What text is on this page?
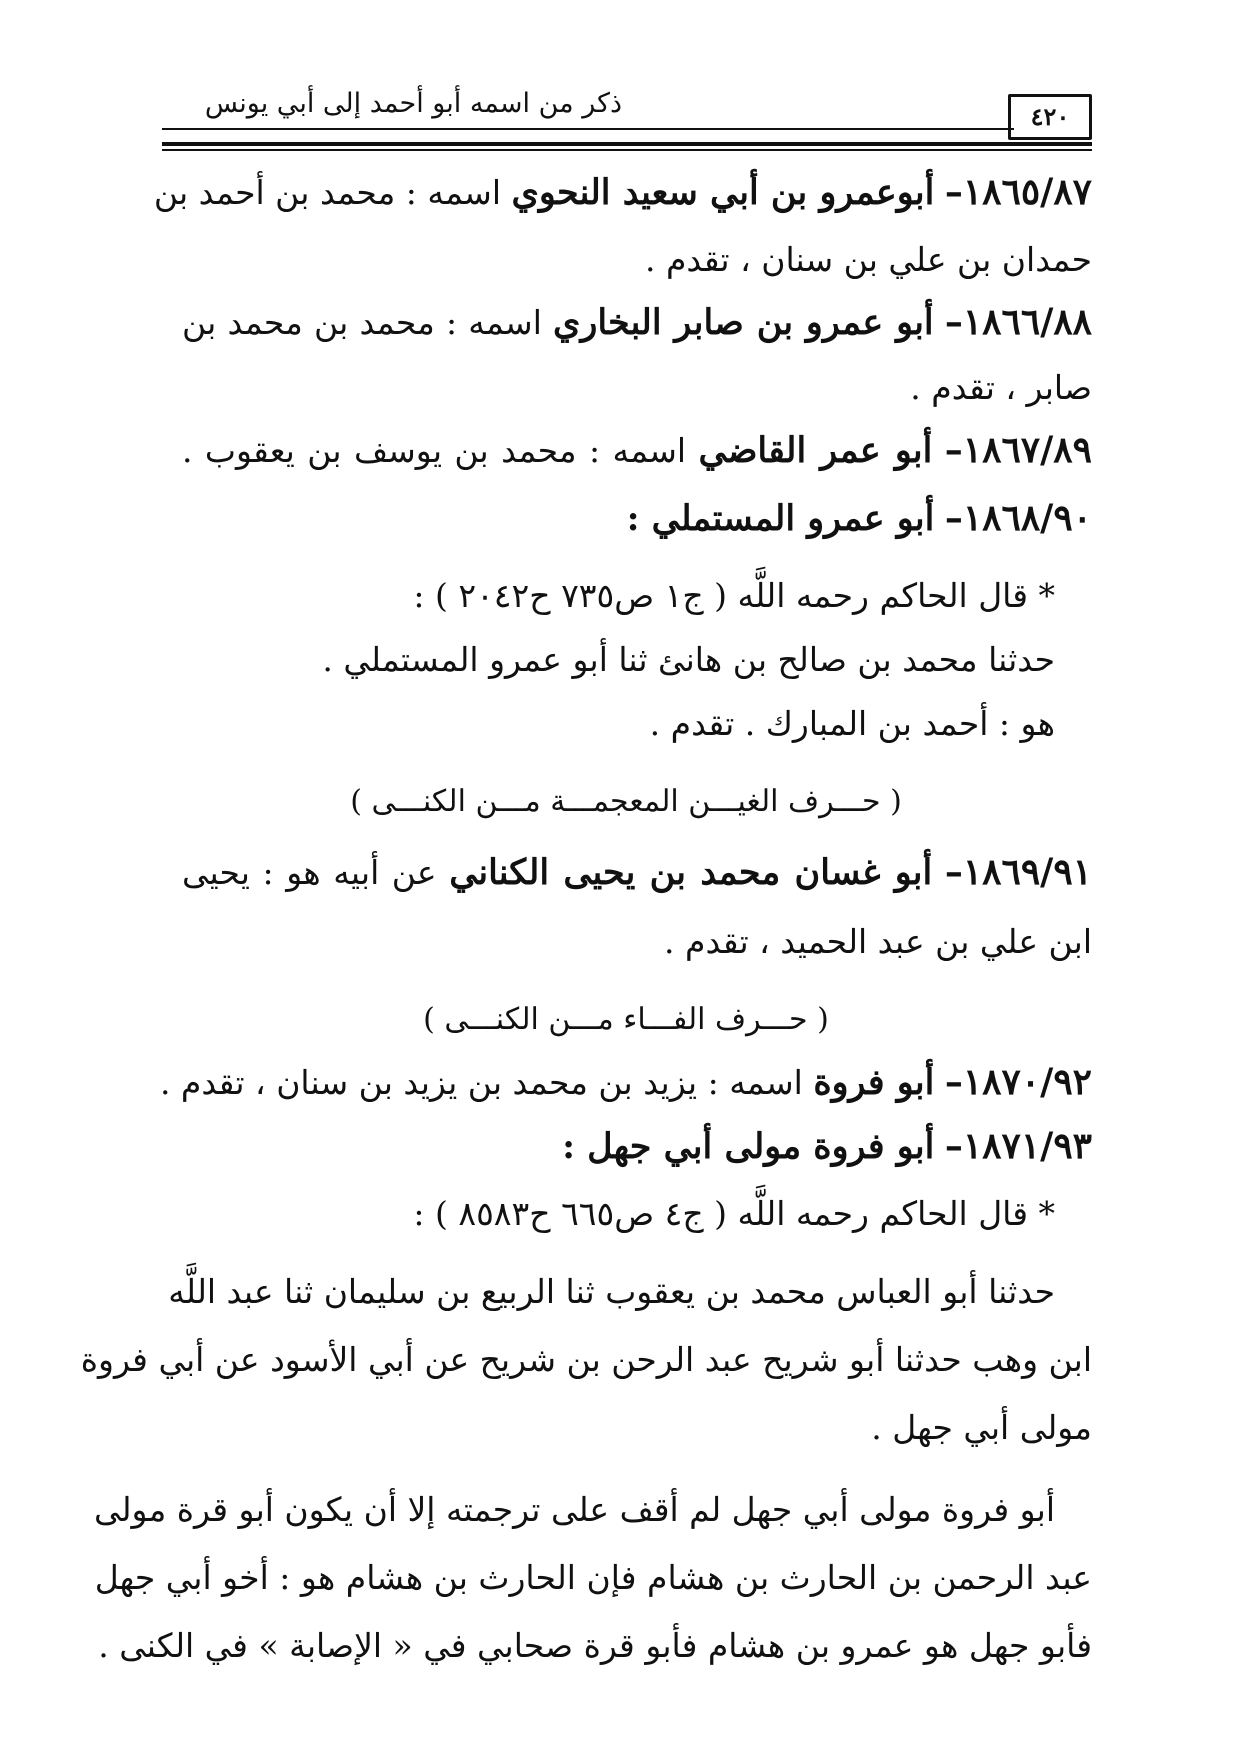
٤٢٠
ذكر من اسمه أبو أحمد إلى أبي يونس
١٨٦٥/٨٧– أبوعمرو بن أبي سعيد النحوي اسمه : محمد بن أحمد بن
حمدان بن علي بن سنان ، تقدم .
١٨٦٦/٨٨– أبو عمرو بن صابر البخاري اسمه : محمد بن محمد بن
صابر ، تقدم .
١٨٦٧/٨٩– أبو عمر القاضي اسمه : محمد بن يوسف بن يعقوب .
١٨٦٨/٩٠– أبو عمرو المستملي :
* قال الحاكم رحمه اللَّه ( ج١ ص٧٣٥ ح٢٠٤٢ ) :
حدثنا محمد بن صالح بن هانئ ثنا أبو عمرو المستملي .
هو : أحمد بن المبارك . تقدم .
( حـــرف الغيـــن المعجمـــة مـــن الكنـــى )
١٨٦٩/٩١– أبو غسان محمد بن يحيى الكناني عن أبيه هو : يحيى
ابن علي بن عبد الحميد ، تقدم .
( حـــرف الفـــاء مـــن الكنـــى )
١٨٧٠/٩٢– أبو فروة اسمه : يزيد بن محمد بن يزيد بن سنان ، تقدم .
١٨٧١/٩٣– أبو فروة مولى أبي جهل :
* قال الحاكم رحمه اللَّه ( ج٤ ص٦٦٥ ح٨٥٨٣ ) :
حدثنا أبو العباس محمد بن يعقوب ثنا الربيع بن سليمان ثنا عبد اللَّه
ابن وهب حدثنا أبو شريح عبد الرحن بن شريح عن أبي الأسود عن أبي فروة
مولى أبي جهل .
أبو فروة مولى أبي جهل لم أقف على ترجمته إلا أن يكون أبو قرة مولى
عبد الرحمن بن الحارث بن هشام فإن الحارث بن هشام هو : أخو أبي جهل
فأبو جهل هو عمرو بن هشام فأبو قرة صحابي في « الإصابة » في الكنى .
